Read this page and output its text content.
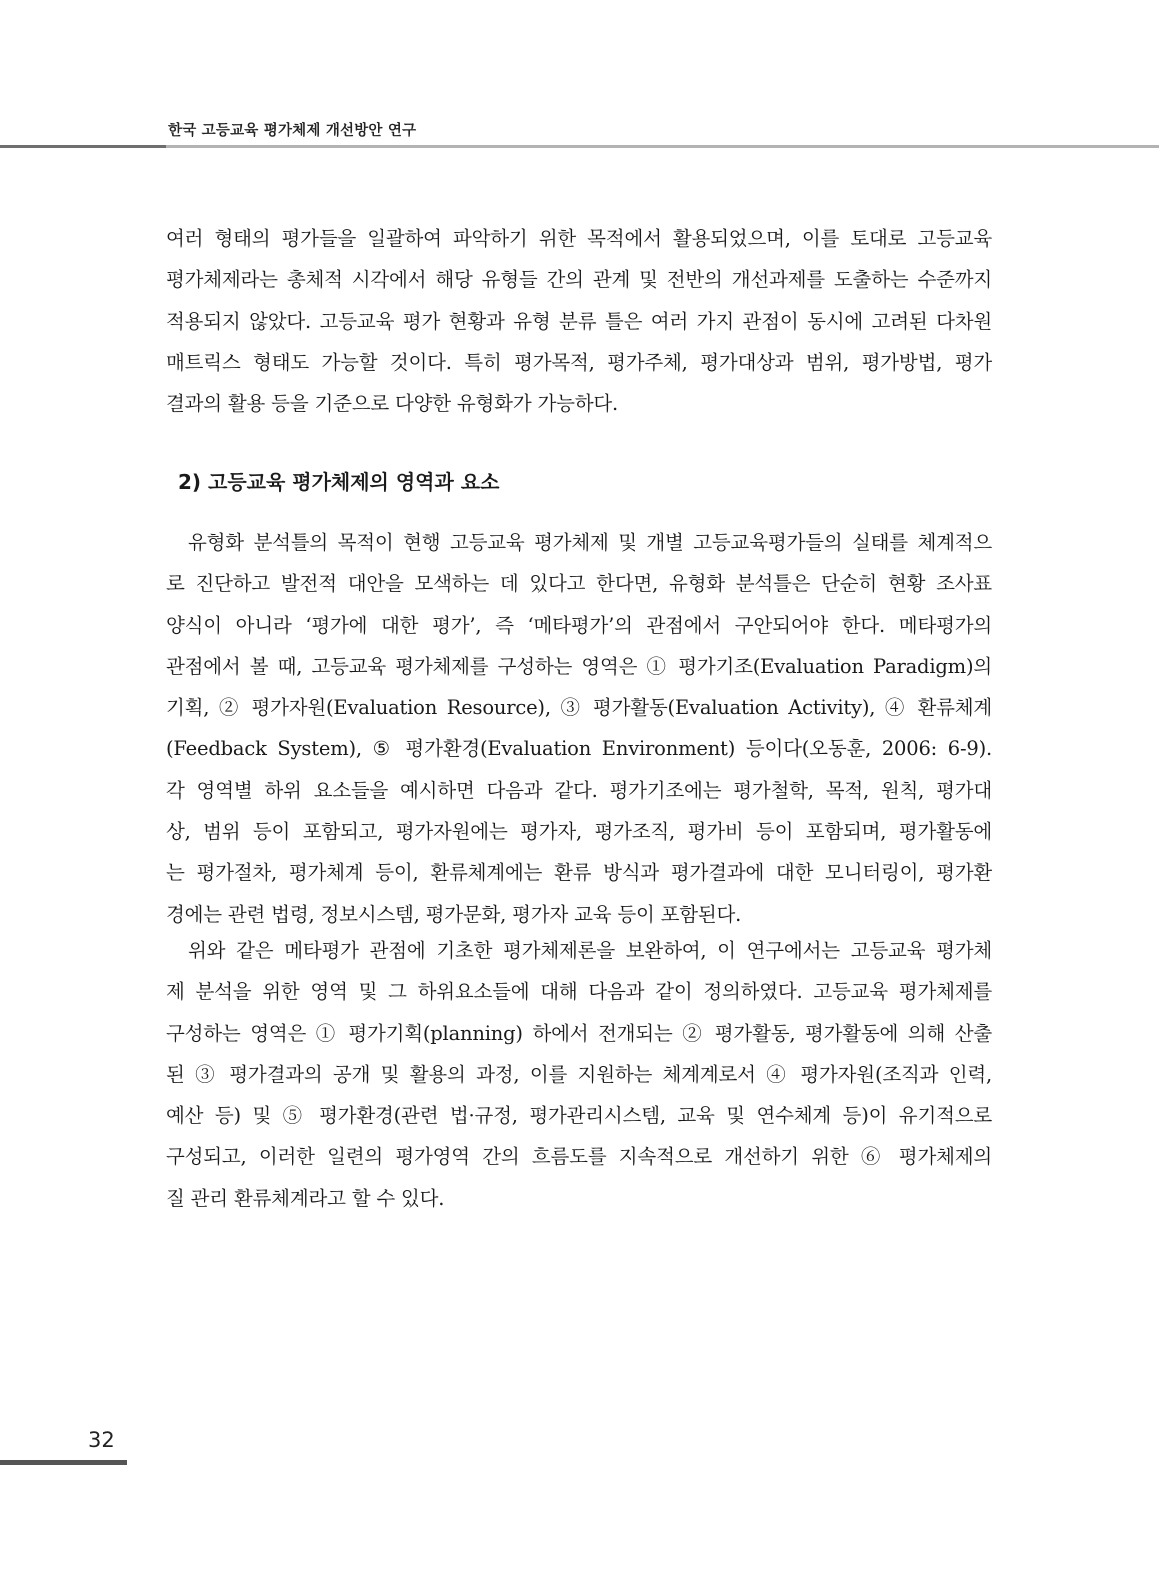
한국 고등교육 평가체제 개선방안 연구
여러 형태의 평가들을 일괄하여 파악하기 위한 목적에서 활용되었으며, 이를 토대로 고등교육
평가체제라는 총체적 시각에서 해당 유형들 간의 관계 및 전반의 개선과제를 도출하는 수준까지
적용되지 않았다. 고등교육 평가 현황과 유형 분류 틀은 여러 가지 관점이 동시에 고려된 다차원
매트릭스 형태도 가능할 것이다. 특히 평가목적, 평가주체, 평가대상과 범위, 평가방법, 평가
결과의 활용 등을 기준으로 다양한 유형화가 가능하다.
2) 고등교육 평가체제의 영역과 요소
유형화 분석틀의 목적이 현행 고등교육 평가체제 및 개별 고등교육평가들의 실태를 체계적으
로 진단하고 발전적 대안을 모색하는 데 있다고 한다면, 유형화 분석틀은 단순히 현황 조사표
양식이 아니라 ‘평가에 대한 평가’, 즉 ‘메타평가’의 관점에서 구안되어야 한다. 메타평가의
관점에서 볼 때, 고등교육 평가체제를 구성하는 영역은 ① 평가기조(Evaluation Paradigm)의
기획, ② 평가자원(Evaluation Resource), ③ 평가활동(Evaluation Activity), ④ 환류체계
(Feedback System), ⑤ 평가환경(Evaluation Environment) 등이다(오동훈, 2006: 6-9).
각 영역별 하위 요소들을 예시하면 다음과 같다. 평가기조에는 평가철학, 목적, 원칙, 평가대
상, 범위 등이 포함되고, 평가자원에는 평가자, 평가조직, 평가비 등이 포함되며, 평가활동에
는 평가절차, 평가체계 등이, 환류체계에는 환류 방식과 평가결과에 대한 모니터링이, 평가환
경에는 관련 법령, 정보시스템, 평가문화, 평가자 교육 등이 포함된다.
위와 같은 메타평가 관점에 기초한 평가체제론을 보완하여, 이 연구에서는 고등교육 평가체
제 분석을 위한 영역 및 그 하위요소들에 대해 다음과 같이 정의하였다. 고등교육 평가체제를
구성하는 영역은 ① 평가기획(planning) 하에서 전개되는 ② 평가활동, 평가활동에 의해 산출
된 ③ 평가결과의 공개 및 활용의 과정, 이를 지원하는 체계계로서 ④ 평가자원(조직과 인력,
예산 등) 및 ⑤ 평가환경(관련 법·규정, 평가관리시스템, 교육 및 연수체계 등)이 유기적으로
구성되고, 이러한 일련의 평가영역 간의 흐름도를 지속적으로 개선하기 위한 ⑥ 평가체제의
질 관리 환류체계라고 할 수 있다.
32
